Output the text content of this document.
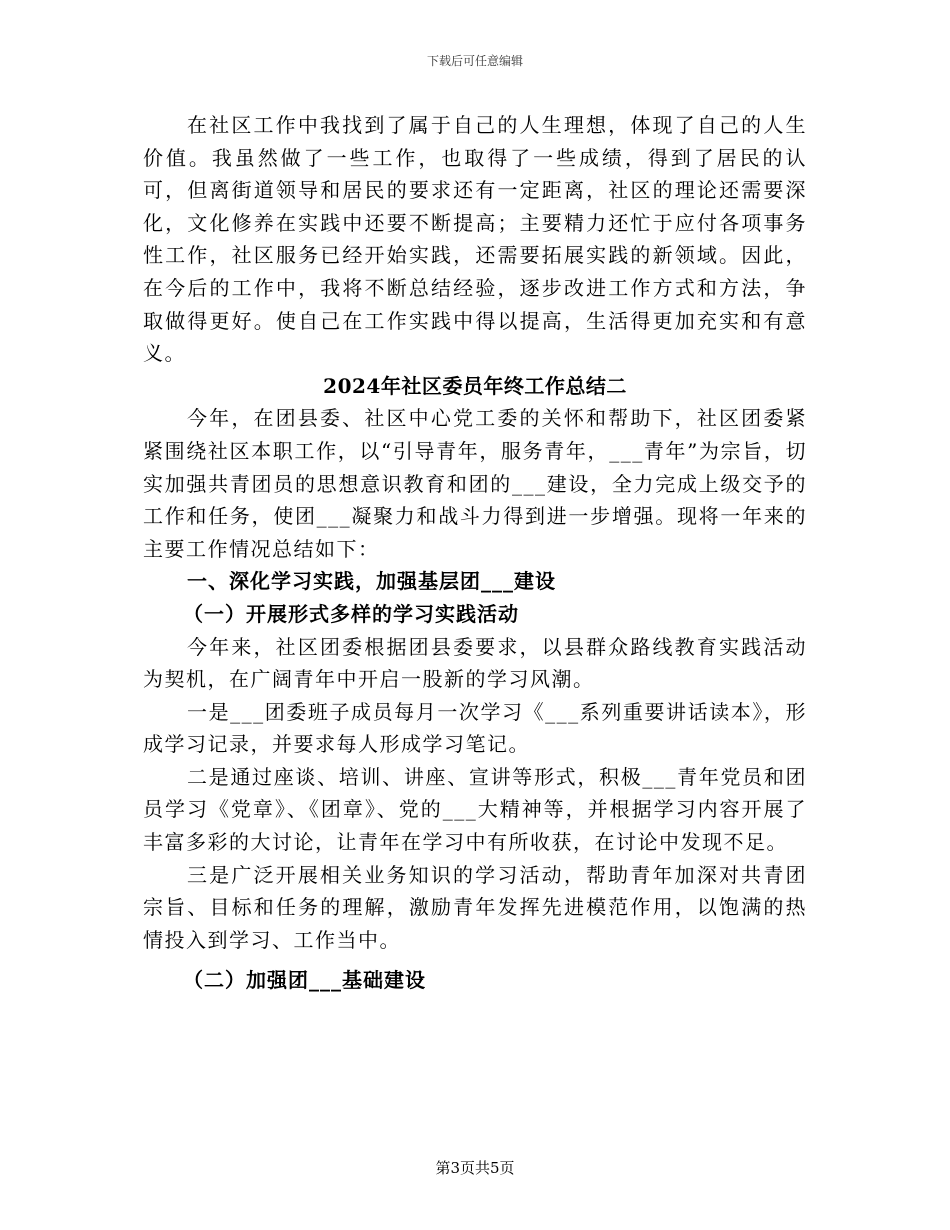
下载后可任意编辑

在社区工作中我找到了属于自己的人生理想，体现了自己的人生价值。我虽然做了一些工作，也取得了一些成绩，得到了居民的认可，但离街道领导和居民的要求还有一定距离，社区的理论还需要深化，文化修养在实践中还要不断提高；主要精力还忙于应付各项事务性工作，社区服务已经开始实践，还需要拓展实践的新领域。因此，在今后的工作中，我将不断总结经验，逐步改进工作方式和方法，争取做得更好。使自己在工作实践中得以提高，生活得更加充实和有意义。

2024年社区委员年终工作总结二

今年，在团县委、社区中心党工委的关怀和帮助下，社区团委紧紧围绕社区本职工作，以“引导青年，服务青年，___青年”为宗旨，切实加强共青团员的思想意识教育和团的___建设，全力完成上级交予的工作和任务，使团___凝聚力和战斗力得到进一步增强。现将一年来的主要工作情况总结如下：

一、深化学习实践，加强基层团___建设

（一）开展形式多样的学习实践活动

今年来，社区团委根据团县委要求，以县群众路线教育实践活动为契机，在广阔青年中开启一股新的学习风潮。

一是___团委班子成员每月一次学习《___系列重要讲话读本》，形成学习记录，并要求每人形成学习笔记。

二是通过座谈、培训、讲座、宣讲等形式，积极___青年党员和团员学习《党章》、《团章》、党的___大精神等，并根据学习内容开展了丰富多彩的大讨论，让青年在学习中有所收获，在讨论中发现不足。

三是广泛开展相关业务知识的学习活动，帮助青年加深对共青团宗旨、目标和任务的理解，激励青年发挥先进模范作用，以饱满的热情投入到学习、工作当中。

（二）加强团___基础建设

第3页共5页
